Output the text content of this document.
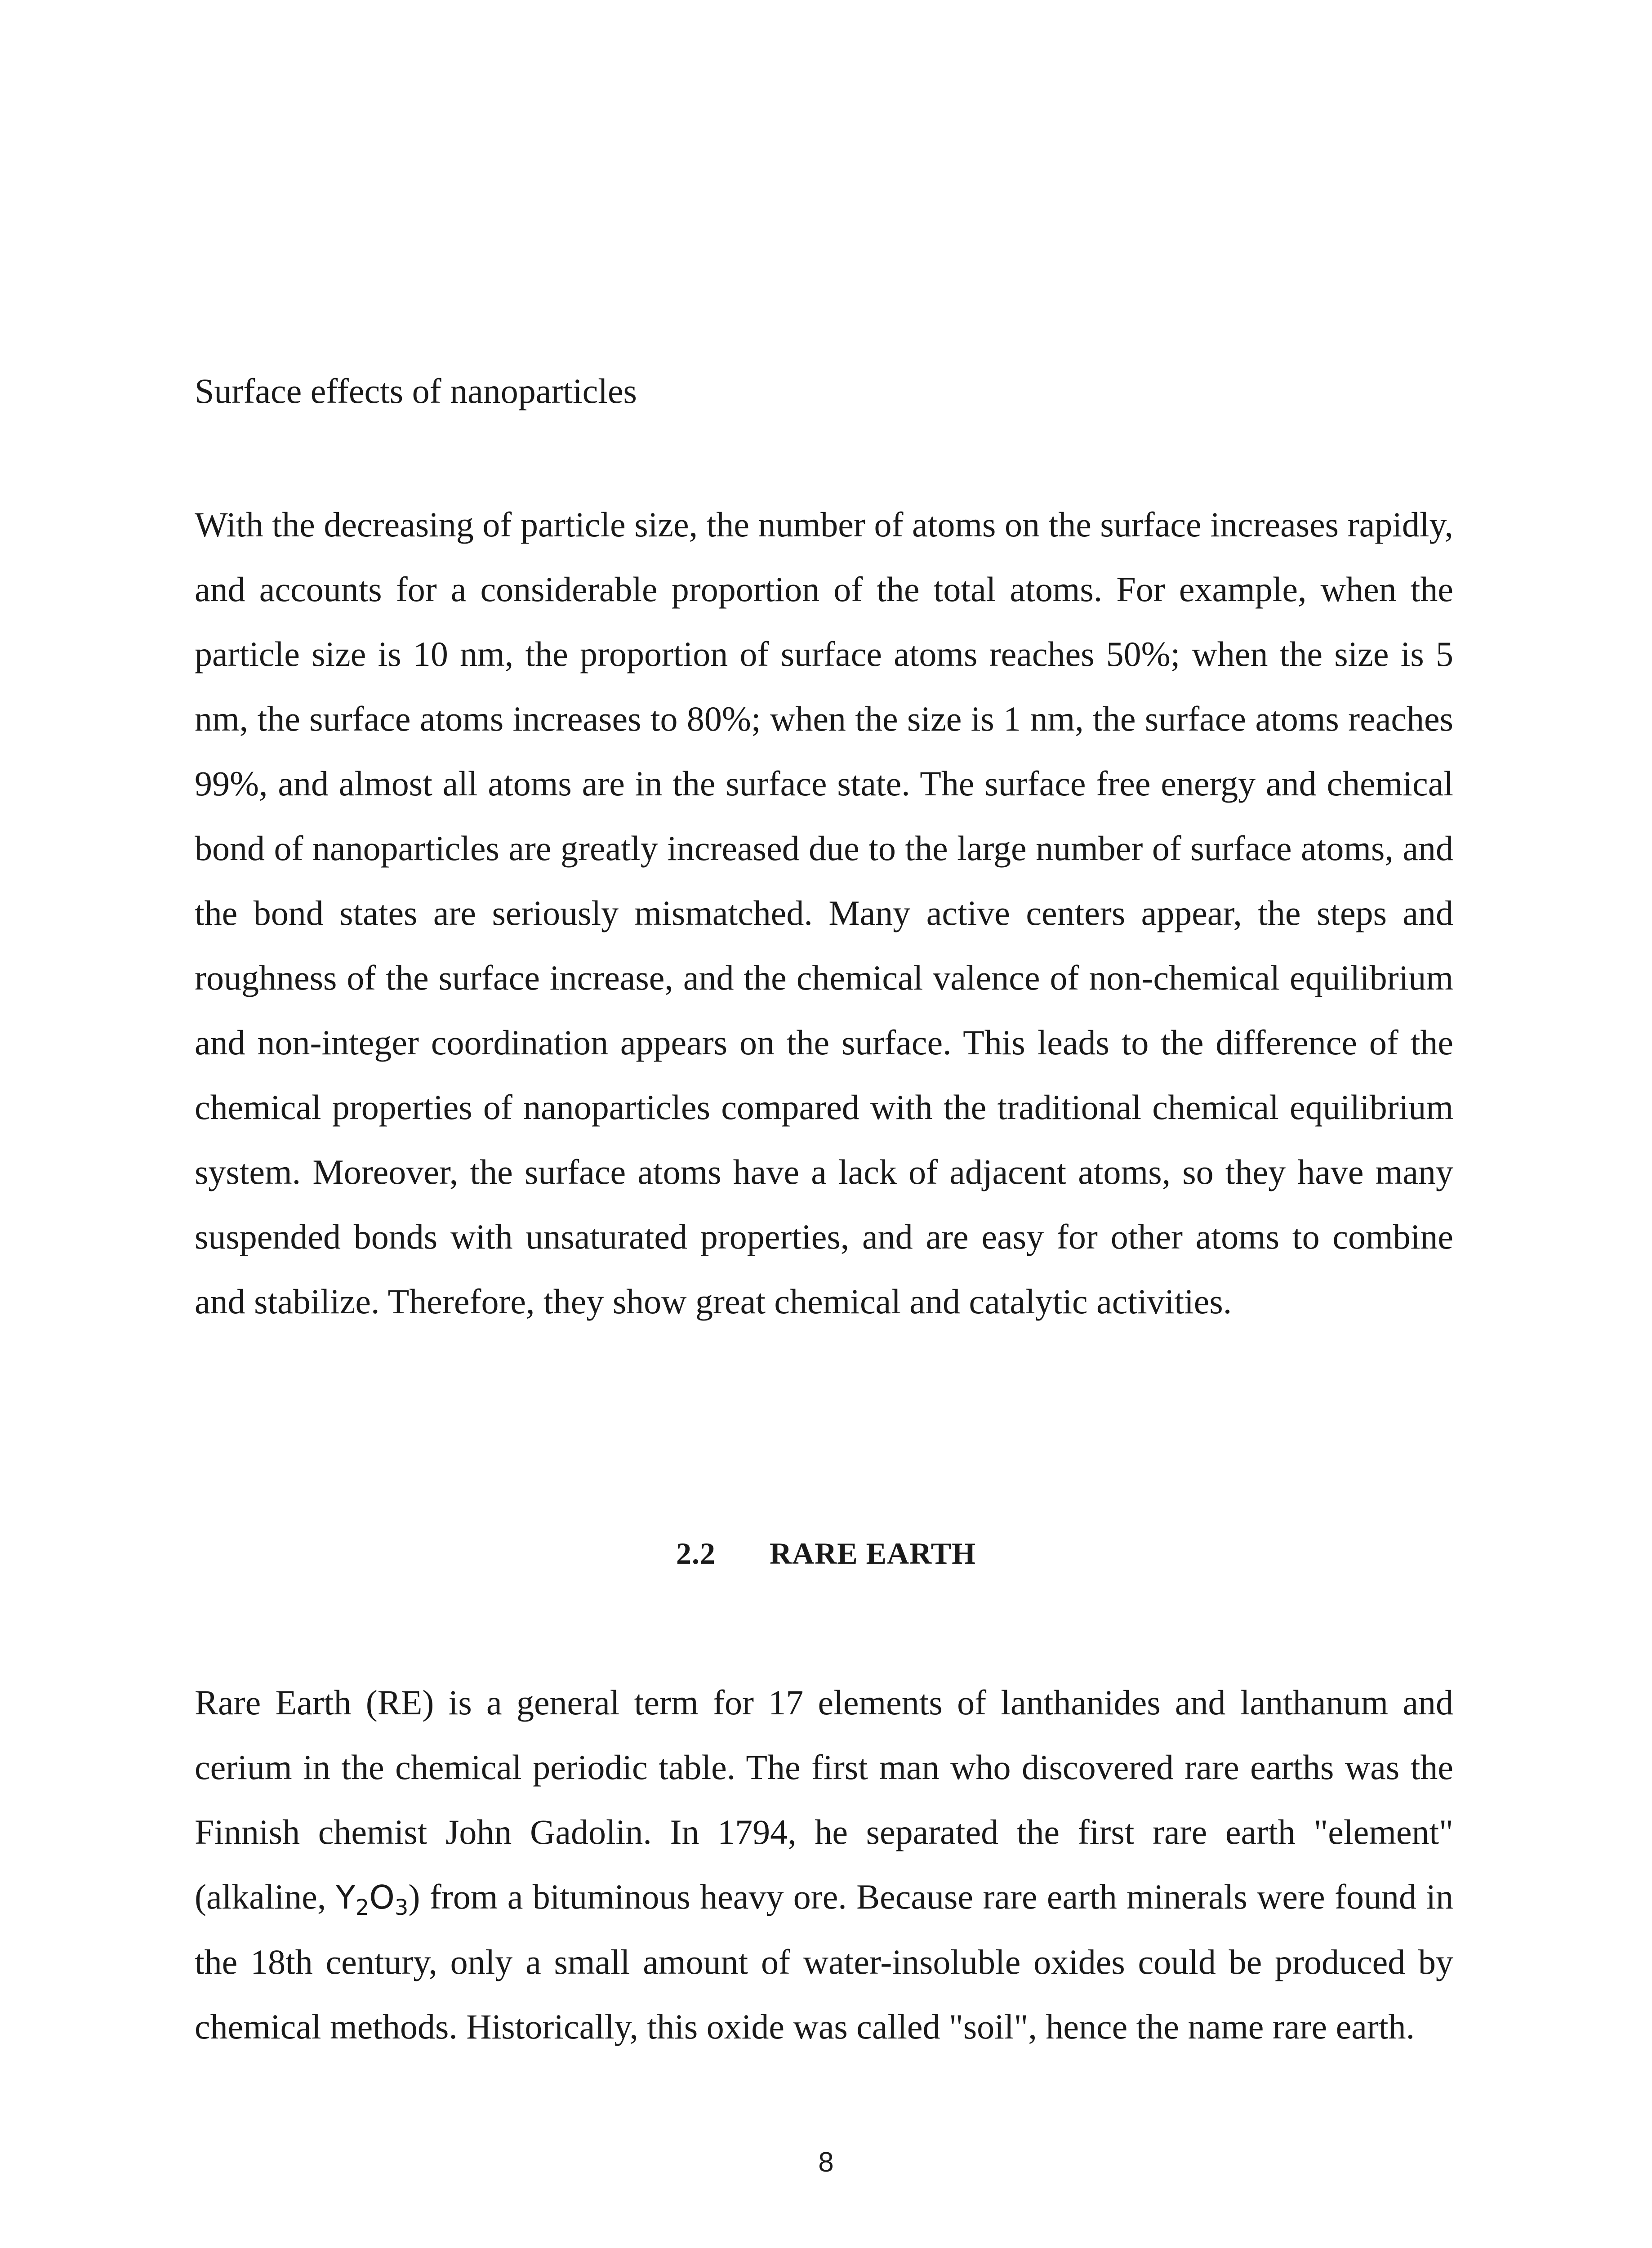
Surface effects of nanoparticles

With the decreasing of particle size, the number of atoms on the surface increases rapidly, and accounts for a considerable proportion of the total atoms. For example, when the particle size is 10 nm, the proportion of surface atoms reaches 50%; when the size is 5 nm, the surface atoms increases to 80%; when the size is 1 nm, the surface atoms reaches 99%, and almost all atoms are in the surface state. The surface free energy and chemical bond of nanoparticles are greatly increased due to the large number of surface atoms, and the bond states are seriously mismatched. Many active centers appear, the steps and roughness of the surface increase, and the chemical valence of non-chemical equilibrium and non-integer coordination appears on the surface. This leads to the difference of the chemical properties of nanoparticles compared with the traditional chemical equilibrium system. Moreover, the surface atoms have a lack of adjacent atoms, so they have many suspended bonds with unsaturated properties, and are easy for other atoms to combine and stabilize. Therefore, they show great chemical and catalytic activities.

2.2 RARE EARTH

Rare Earth (RE) is a general term for 17 elements of lanthanides and lanthanum and cerium in the chemical periodic table. The first man who discovered rare earths was the Finnish chemist John Gadolin. In 1794, he separated the first rare earth "element" (alkaline, $Y_2O_3$) from a bituminous heavy ore. Because rare earth minerals were found in the 18th century, only a small amount of water-insoluble oxides could be produced by chemical methods. Historically, this oxide was called "soil", hence the name rare earth.

8
